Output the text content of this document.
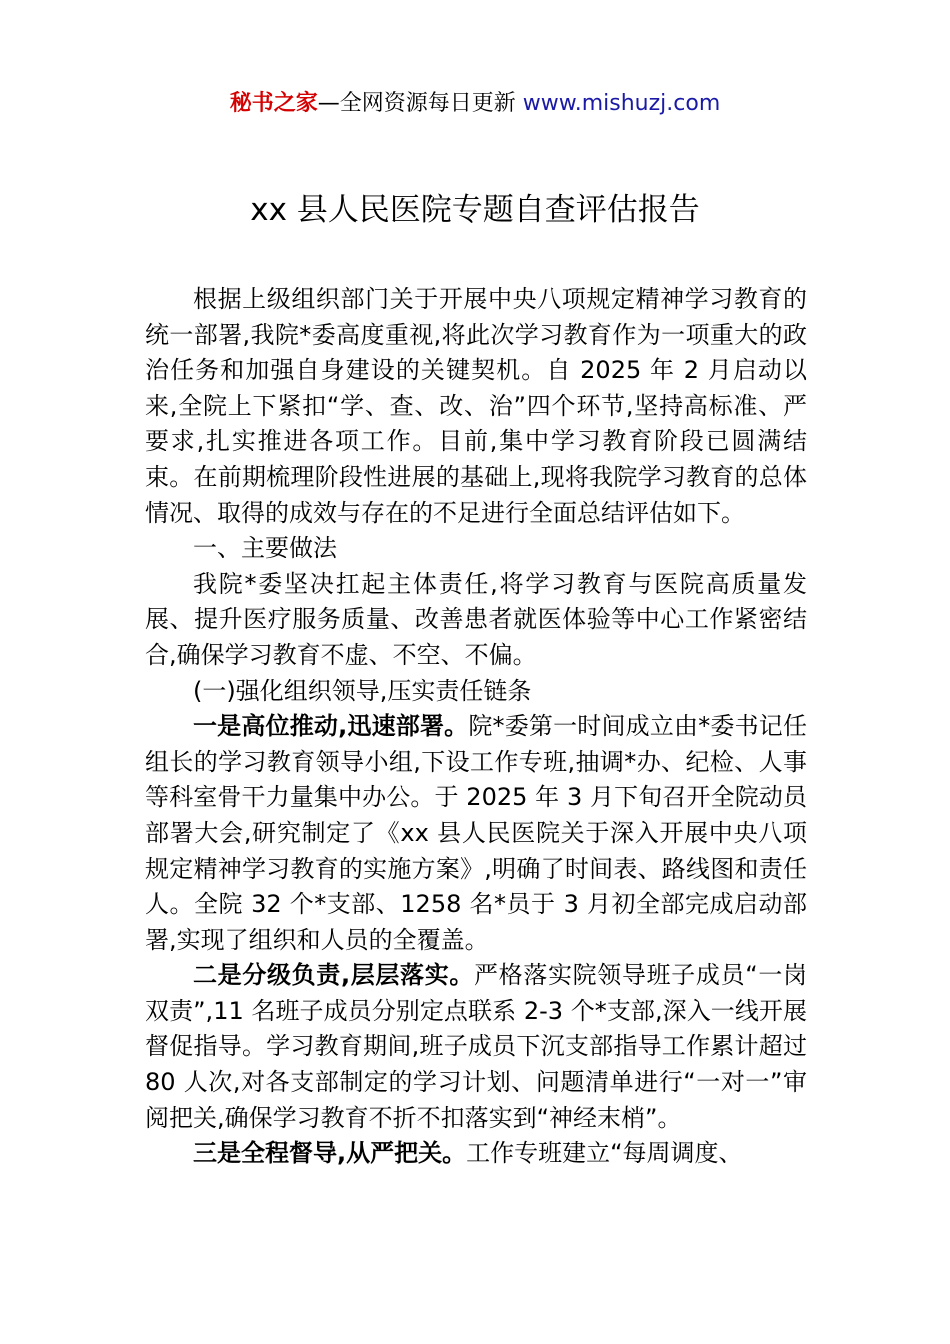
秘书之家—全网资源每日更新 www.mishuzj.com
xx 县人民医院专题自查评估报告

根据上级组织部门关于开展中央八项规定精神学习教育的统一部署,我院*委高度重视,将此次学习教育作为一项重大的政治任务和加强自身建设的关键契机。自 2025 年 2 月启动以来,全院上下紧扣“学、查、改、治”四个环节,坚持高标准、严要求,扎实推进各项工作。目前,集中学习教育阶段已圆满结束。在前期梳理阶段性进展的基础上,现将我院学习教育的总体情况、取得的成效与存在的不足进行全面总结评估如下。

一、主要做法

我院*委坚决扛起主体责任,将学习教育与医院高质量发展、提升医疗服务质量、改善患者就医体验等中心工作紧密结合,确保学习教育不虚、不空、不偏。

(一)强化组织领导,压实责任链条

一是高位推动,迅速部署。院*委第一时间成立由*委书记任组长的学习教育领导小组,下设工作专班,抽调*办、纪检、人事等科室骨干力量集中办公。于 2025 年 3 月下旬召开全院动员部署大会,研究制定了《xx 县人民医院关于深入开展中央八项规定精神学习教育的实施方案》,明确了时间表、路线图和责任人。全院 32 个*支部、1258 名*员于 3 月初全部完成启动部署,实现了组织和人员的全覆盖。

二是分级负责,层层落实。严格落实院领导班子成员“一岗双责”,11 名班子成员分别定点联系 2-3 个*支部,深入一线开展督促指导。学习教育期间,班子成员下沉支部指导工作累计超过 80 人次,对各支部制定的学习计划、问题清单进行“一对一”审阅把关,确保学习教育不折不扣落实到“神经末梢”。

三是全程督导,从严把关。工作专班建立“每周调度、
